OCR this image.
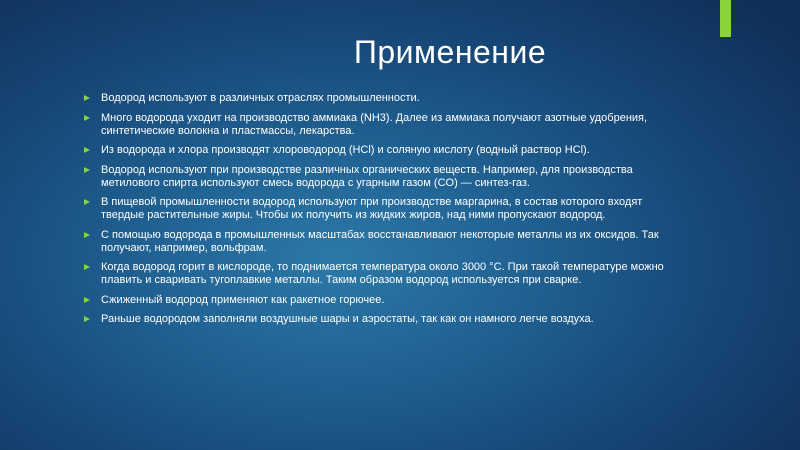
Применение
Водород используют в различных отраслях промышленности.
Много водорода уходит на производство аммиака (NH3). Далее из аммиака получают азотные удобрения, синтетические волокна и пластмассы, лекарства.
Из водорода и хлора производят хлороводород (HCl) и соляную кислоту (водный раствор HCl).
Водород используют при производстве различных органических веществ. Например, для производства метилового спирта используют смесь водорода с угарным газом (CO) — синтез-газ.
В пищевой промышленности водород используют при производстве маргарина, в состав которого входят твердые растительные жиры. Чтобы их получить из жидких жиров, над ними пропускают водород.
С помощью водорода в промышленных масштабах восстанавливают некоторые металлы из их оксидов. Так получают, например, вольфрам.
Когда водород горит в кислороде, то поднимается температура около 3000 °С. При такой температуре можно плавить и сваривать тугоплавкие металлы. Таким образом водород используется при сварке.
Сжиженный водород применяют как ракетное горючее.
Раньше водородом заполняли воздушные шары и аэростаты, так как он намного легче воздуха.
